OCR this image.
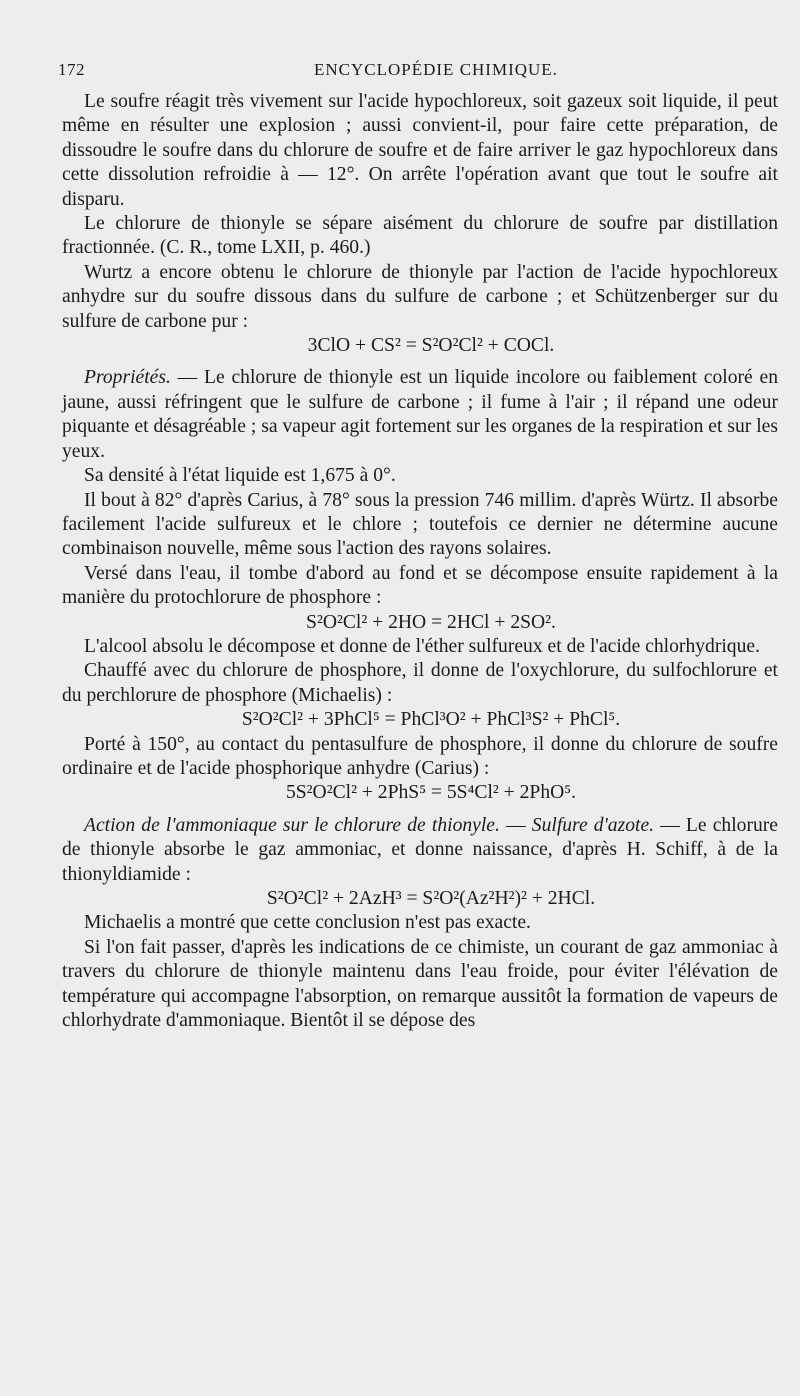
172	ENCYCLOPÉDIE CHIMIQUE.

Le soufre réagit très vivement sur l'acide hypochloreux, soit gazeux soit liquide, il peut même en résulter une explosion ; aussi convient-il, pour faire cette préparation, de dissoudre le soufre dans du chlorure de soufre et de faire arriver le gaz hypochloreux dans cette dissolution refroidie à — 12°. On arrête l'opération avant que tout le soufre ait disparu.

Le chlorure de thionyle se sépare aisément du chlorure de soufre par distillation fractionnée. (C. R., tome LXII, p. 460.)

Wurtz a encore obtenu le chlorure de thionyle par l'action de l'acide hypochloreux anhydre sur du soufre dissous dans du sulfure de carbone ; et Schützenberger sur du sulfure de carbone pur :

3ClO + CS² = S²O²Cl² + COCl.

Propriétés. — Le chlorure de thionyle est un liquide incolore ou faiblement coloré en jaune, aussi réfringent que le sulfure de carbone ; il fume à l'air ; il répand une odeur piquante et désagréable ; sa vapeur agit fortement sur les organes de la respiration et sur les yeux.

Sa densité à l'état liquide est 1,675 à 0°.

Il bout à 82° d'après Carius, à 78° sous la pression 746 millim. d'après Würtz. Il absorbe facilement l'acide sulfureux et le chlore ; toutefois ce dernier ne détermine aucune combinaison nouvelle, même sous l'action des rayons solaires.

Versé dans l'eau, il tombe d'abord au fond et se décompose ensuite rapidement à la manière du protochlorure de phosphore :

S²O²Cl² + 2HO = 2HCl + 2SO².

L'alcool absolu le décompose et donne de l'éther sulfureux et de l'acide chlorhydrique.

Chauffé avec du chlorure de phosphore, il donne de l'oxychlorure, du sulfochlorure et du perchlorure de phosphore (Michaelis) :

S²O²Cl² + 3PhCl⁵ = PhCl³O² + PhCl³S² + PhCl⁵.

Porté à 150°, au contact du pentasulfure de phosphore, il donne du chlorure de soufre ordinaire et de l'acide phosphorique anhydre (Carius) :

5S²O²Cl² + 2PhS⁵ = 5S⁴Cl² + 2PhO⁵.

Action de l'ammoniaque sur le chlorure de thionyle. — Sulfure d'azote. — Le chlorure de thionyle absorbe le gaz ammoniac, et donne naissance, d'après H. Schiff, à de la thionyldiamide :

S²O²Cl² + 2AzH³ = S²O²(Az²H²)² + 2HCl.

Michaelis a montré que cette conclusion n'est pas exacte.

Si l'on fait passer, d'après les indications de ce chimiste, un courant de gaz ammoniac à travers du chlorure de thionyle maintenu dans l'eau froide, pour éviter l'élévation de température qui accompagne l'absorption, on remarque aussitôt la formation de vapeurs de chlorhydrate d'ammoniaque. Bientôt il se dépose des
